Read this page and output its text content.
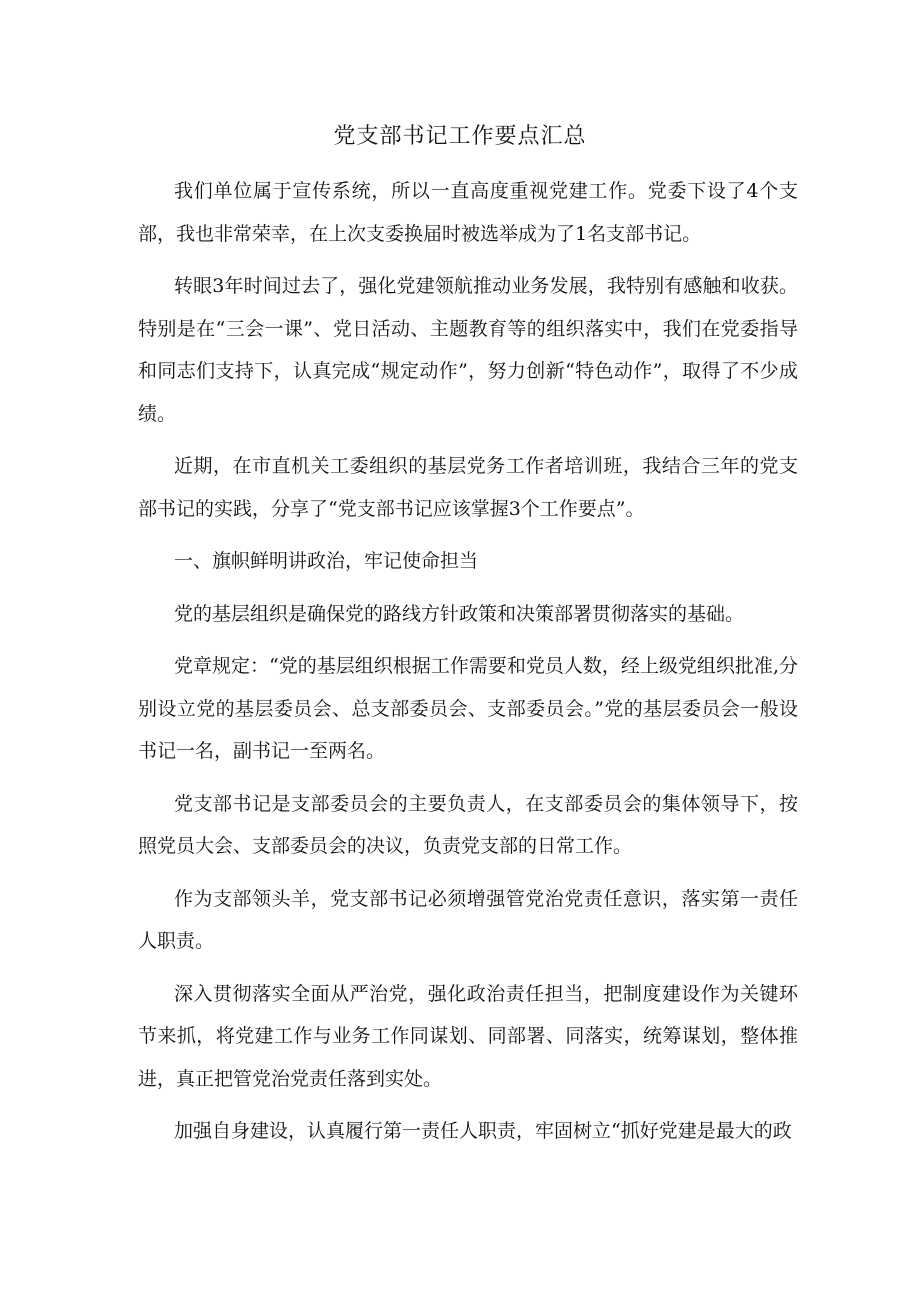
党支部书记工作要点汇总

我们单位属于宣传系统，所以一直高度重视党建工作。党委下设了4个支部，我也非常荣幸，在上次支委换届时被选举成为了1名支部书记。

转眼3年时间过去了，强化党建领航推动业务发展，我特别有感触和收获。特别是在“三会一课”、党日活动、主题教育等的组织落实中，我们在党委指导和同志们支持下，认真完成“规定动作”，努力创新“特色动作”，取得了不少成绩。

近期，在市直机关工委组织的基层党务工作者培训班，我结合三年的党支部书记的实践，分享了“党支部书记应该掌握3个工作要点”。

一、旗帜鲜明讲政治，牢记使命担当

党的基层组织是确保党的路线方针政策和决策部署贯彻落实的基础。

党章规定：“党的基层组织根据工作需要和党员人数，经上级党组织批准,分别设立党的基层委员会、总支部委员会、支部委员会。”党的基层委员会一般设书记一名，副书记一至两名。

党支部书记是支部委员会的主要负责人，在支部委员会的集体领导下，按照党员大会、支部委员会的决议，负责党支部的日常工作。

作为支部领头羊，党支部书记必须增强管党治党责任意识，落实第一责任人职责。

深入贯彻落实全面从严治党，强化政治责任担当，把制度建设作为关键环节来抓，将党建工作与业务工作同谋划、同部署、同落实，统筹谋划，整体推进，真正把管党治党责任落到实处。

加强自身建设，认真履行第一责任人职责，牢固树立“抓好党建是最大的政
